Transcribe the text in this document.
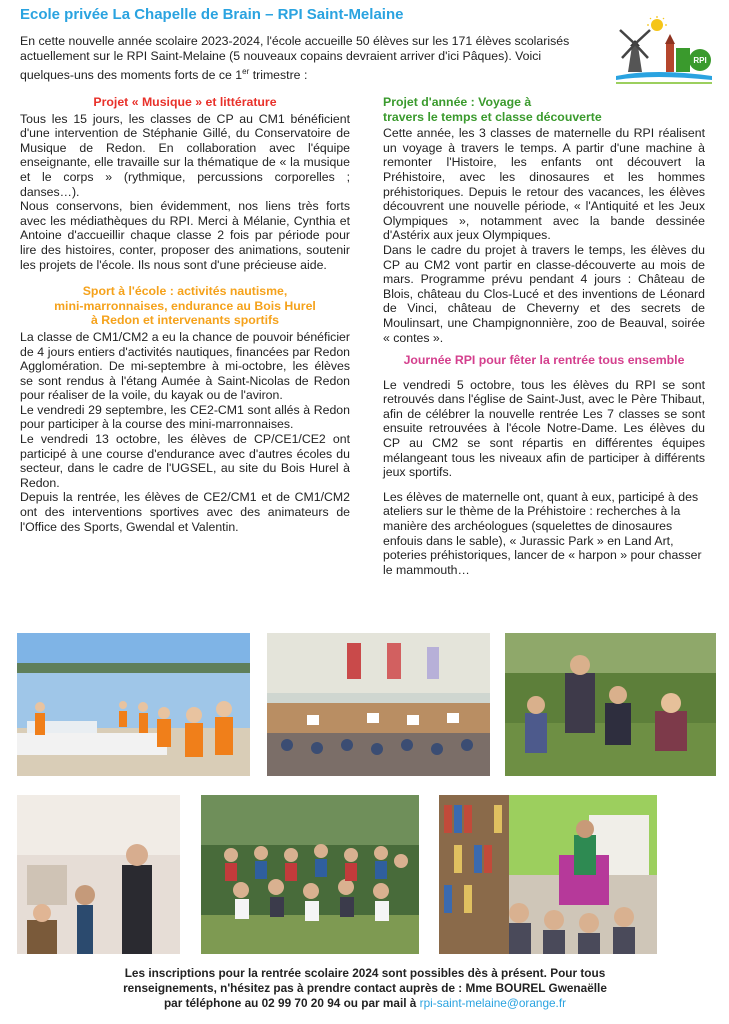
Ecole privée La Chapelle de Brain – RPI Saint-Melaine
En cette nouvelle année scolaire 2023-2024, l'école accueille 50 élèves sur les 171 élèves scolarisés actuellement sur le RPI Saint-Melaine (5 nouveaux copains devraient arriver d'ici Pâques). Voici quelques-uns des moments forts de ce 1er trimestre :
RPI
Projet « Musique » et littérature

Tous les 15 jours, les classes de CP au CM1 bénéficient d'une intervention de Stéphanie Gillé, du Conservatoire de Musique de Redon. En collaboration avec l'équipe enseignante, elle travaille sur la thématique de « la musique et le corps » (rythmique, percussions corporelles ; danses…).

Nous conservons, bien évidemment, nos liens très forts avec les médiathèques du RPI. Merci à Mélanie, Cynthia et Antoine d'accueillir chaque classe 2 fois par période pour lire des histoires, conter, proposer des animations, soutenir les projets de l'école. Ils nous sont d'une précieuse aide.

Sport à l'école : activités nautisme,
mini-marronnaises, endurance au Bois Hurel
à Redon et intervenants sportifs

La classe de CM1/CM2 a eu la chance de pouvoir bénéficier de 4 jours entiers d'activités nautiques, financées par Redon Agglomération. De mi-septembre à mi-octobre, les élèves se sont rendus à l'étang Aumée à Saint-Nicolas de Redon pour réaliser de la voile, du kayak ou de l'aviron.

Le vendredi 29 septembre, les CE2-CM1 sont allés à Redon pour participer à la course des mini-marronnaises.

Le vendredi 13 octobre, les élèves de CP/CE1/CE2 ont participé à une course d'endurance avec d'autres écoles du secteur, dans le cadre de l'UGSEL, au site du Bois Hurel à Redon.

Depuis la rentrée, les élèves de CE2/CM1 et de CM1/CM2 ont des interventions sportives avec des animateurs de l'Office des Sports, Gwendal et Valentin.

Projet d'année : Voyage à
travers le temps et classe découverte

Cette année, les 3 classes de maternelle du RPI réalisent un voyage à travers le temps. A partir d'une machine à remonter l'Histoire, les enfants ont découvert la Préhistoire, avec les dinosaures et les hommes préhistoriques. Depuis le retour des vacances, les élèves découvrent une nouvelle période, « l'Antiquité et les Jeux Olympiques », notamment avec la bande dessinée d'Astérix aux jeux Olympiques.

Dans le cadre du projet à travers le temps, les élèves du CP au CM2 vont partir en classe-découverte au mois de mars. Programme prévu pendant 4 jours : Château de Blois, château du Clos-Lucé et des inventions de Léonard de Vinci, château de Cheverny et des secrets de Moulinsart, une Champignonnière, zoo de Beauval, soirée « contes ».

Journée RPI pour fêter la rentrée tous ensemble

Le vendredi 5 octobre, tous les élèves du RPI se sont retrouvés dans l'église de Saint-Just, avec le Père Thibaut, afin de célébrer la nouvelle rentrée Les 7 classes se sont ensuite retrouvées à l'école Notre-Dame. Les élèves du CP au CM2 se sont répartis en différentes équipes mélangeant tous les niveaux afin de participer à différents jeux sportifs.

Les élèves de maternelle ont, quant à eux, participé à des ateliers sur le thème de la Préhistoire : recherches à la manière des archéologues (squelettes de dinosaures enfouis dans le sable), « Jurassic Park » en Land Art, poteries préhistoriques, lancer de « harpon » pour chasser le mammouth…

Les inscriptions pour la rentrée scolaire 2024 sont possibles dès à présent. Pour tous
renseignements, n'hésitez pas à prendre contact auprès de : Mme BOUREL Gwenaëlle
par téléphone au 02 99 70 20 94 ou par mail à rpi-saint-melaine@orange.fr
